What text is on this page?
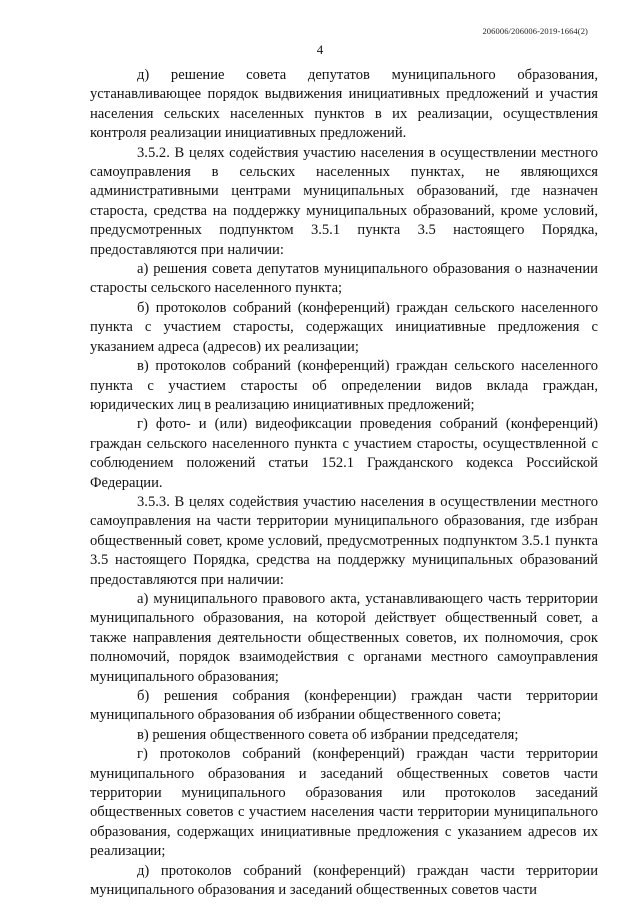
206006/206006-2019-1664(2)
4

д) решение совета депутатов муниципального образования, устанавливающее порядок выдвижения инициативных предложений и участия населения сельских населенных пунктов в их реализации, осуществления контроля реализации инициативных предложений.

3.5.2. В целях содействия участию населения в осуществлении местного самоуправления в сельских населенных пунктах, не являющихся административными центрами муниципальных образований, где назначен староста, средства на поддержку муниципальных образований, кроме условий, предусмотренных подпунктом 3.5.1 пункта 3.5 настоящего Порядка, предоставляются при наличии:

а) решения совета депутатов муниципального образования о назначении старосты сельского населенного пункта;

б) протоколов собраний (конференций) граждан сельского населенного пункта с участием старосты, содержащих инициативные предложения с указанием адреса (адресов) их реализации;

в) протоколов собраний (конференций) граждан сельского населенного пункта с участием старосты об определении видов вклада граждан, юридических лиц в реализацию инициативных предложений;

г) фото- и (или) видеофиксации проведения собраний (конференций) граждан сельского населенного пункта с участием старосты, осуществленной с соблюдением положений статьи 152.1 Гражданского кодекса Российской Федерации.

3.5.3. В целях содействия участию населения в осуществлении местного самоуправления на части территории муниципального образования, где избран общественный совет, кроме условий, предусмотренных подпунктом 3.5.1 пункта 3.5 настоящего Порядка, средства на поддержку муниципальных образований предоставляются при наличии:

а) муниципального правового акта, устанавливающего часть территории муниципального образования, на которой действует общественный совет, а также направления деятельности общественных советов, их полномочия, срок полномочий, порядок взаимодействия с органами местного самоуправления муниципального образования;

б) решения собрания (конференции) граждан части территории муниципального образования об избрании общественного совета;

в) решения общественного совета об избрании председателя;

г) протоколов собраний (конференций) граждан части территории муниципального образования и заседаний общественных советов части территории муниципального образования или протоколов заседаний общественных советов с участием населения части территории муниципального образования, содержащих инициативные предложения с указанием адресов их реализации;

д) протоколов собраний (конференций) граждан части территории муниципального образования и заседаний общественных советов части
